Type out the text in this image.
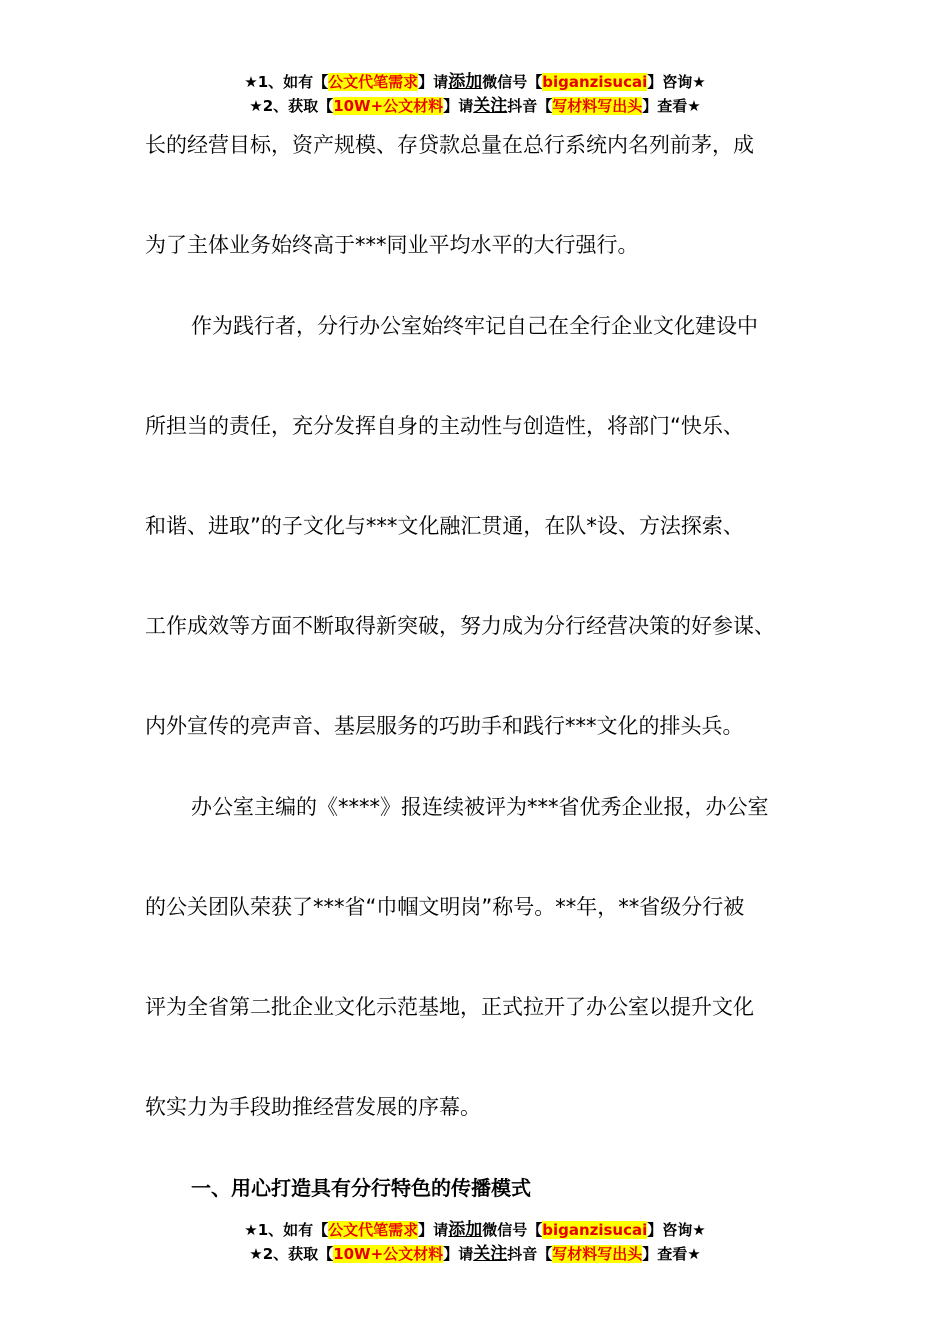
★1、如有【公文代笔需求】请添加微信号【biganzisucai】咨询★
★2、获取【10W+公文材料】请关注抖音【写材料写出头】查看★
长的经营目标，资产规模、存贷款总量在总行系统内名列前茅，成
为了主体业务始终高于***同业平均水平的大行强行。
作为践行者，分行办公室始终牢记自己在全行企业文化建设中
所担当的责任，充分发挥自身的主动性与创造性，将部门“快乐、
和谐、进取”的子文化与***文化融汇贯通，在队*设、方法探索、
工作成效等方面不断取得新突破，努力成为分行经营决策的好参谋、
内外宣传的亮声音、基层服务的巧助手和践行***文化的排头兵。
办公室主编的《****》报连续被评为***省优秀企业报，办公室
的公关团队荣获了***省“巾帼文明岗”称号。**年，**省级分行被
评为全省第二批企业文化示范基地，正式拉开了办公室以提升文化
软实力为手段助推经营发展的序幕。
一、用心打造具有分行特色的传播模式
★1、如有【公文代笔需求】请添加微信号【biganzisucai】咨询★
★2、获取【10W+公文材料】请关注抖音【写材料写出头】查看★
